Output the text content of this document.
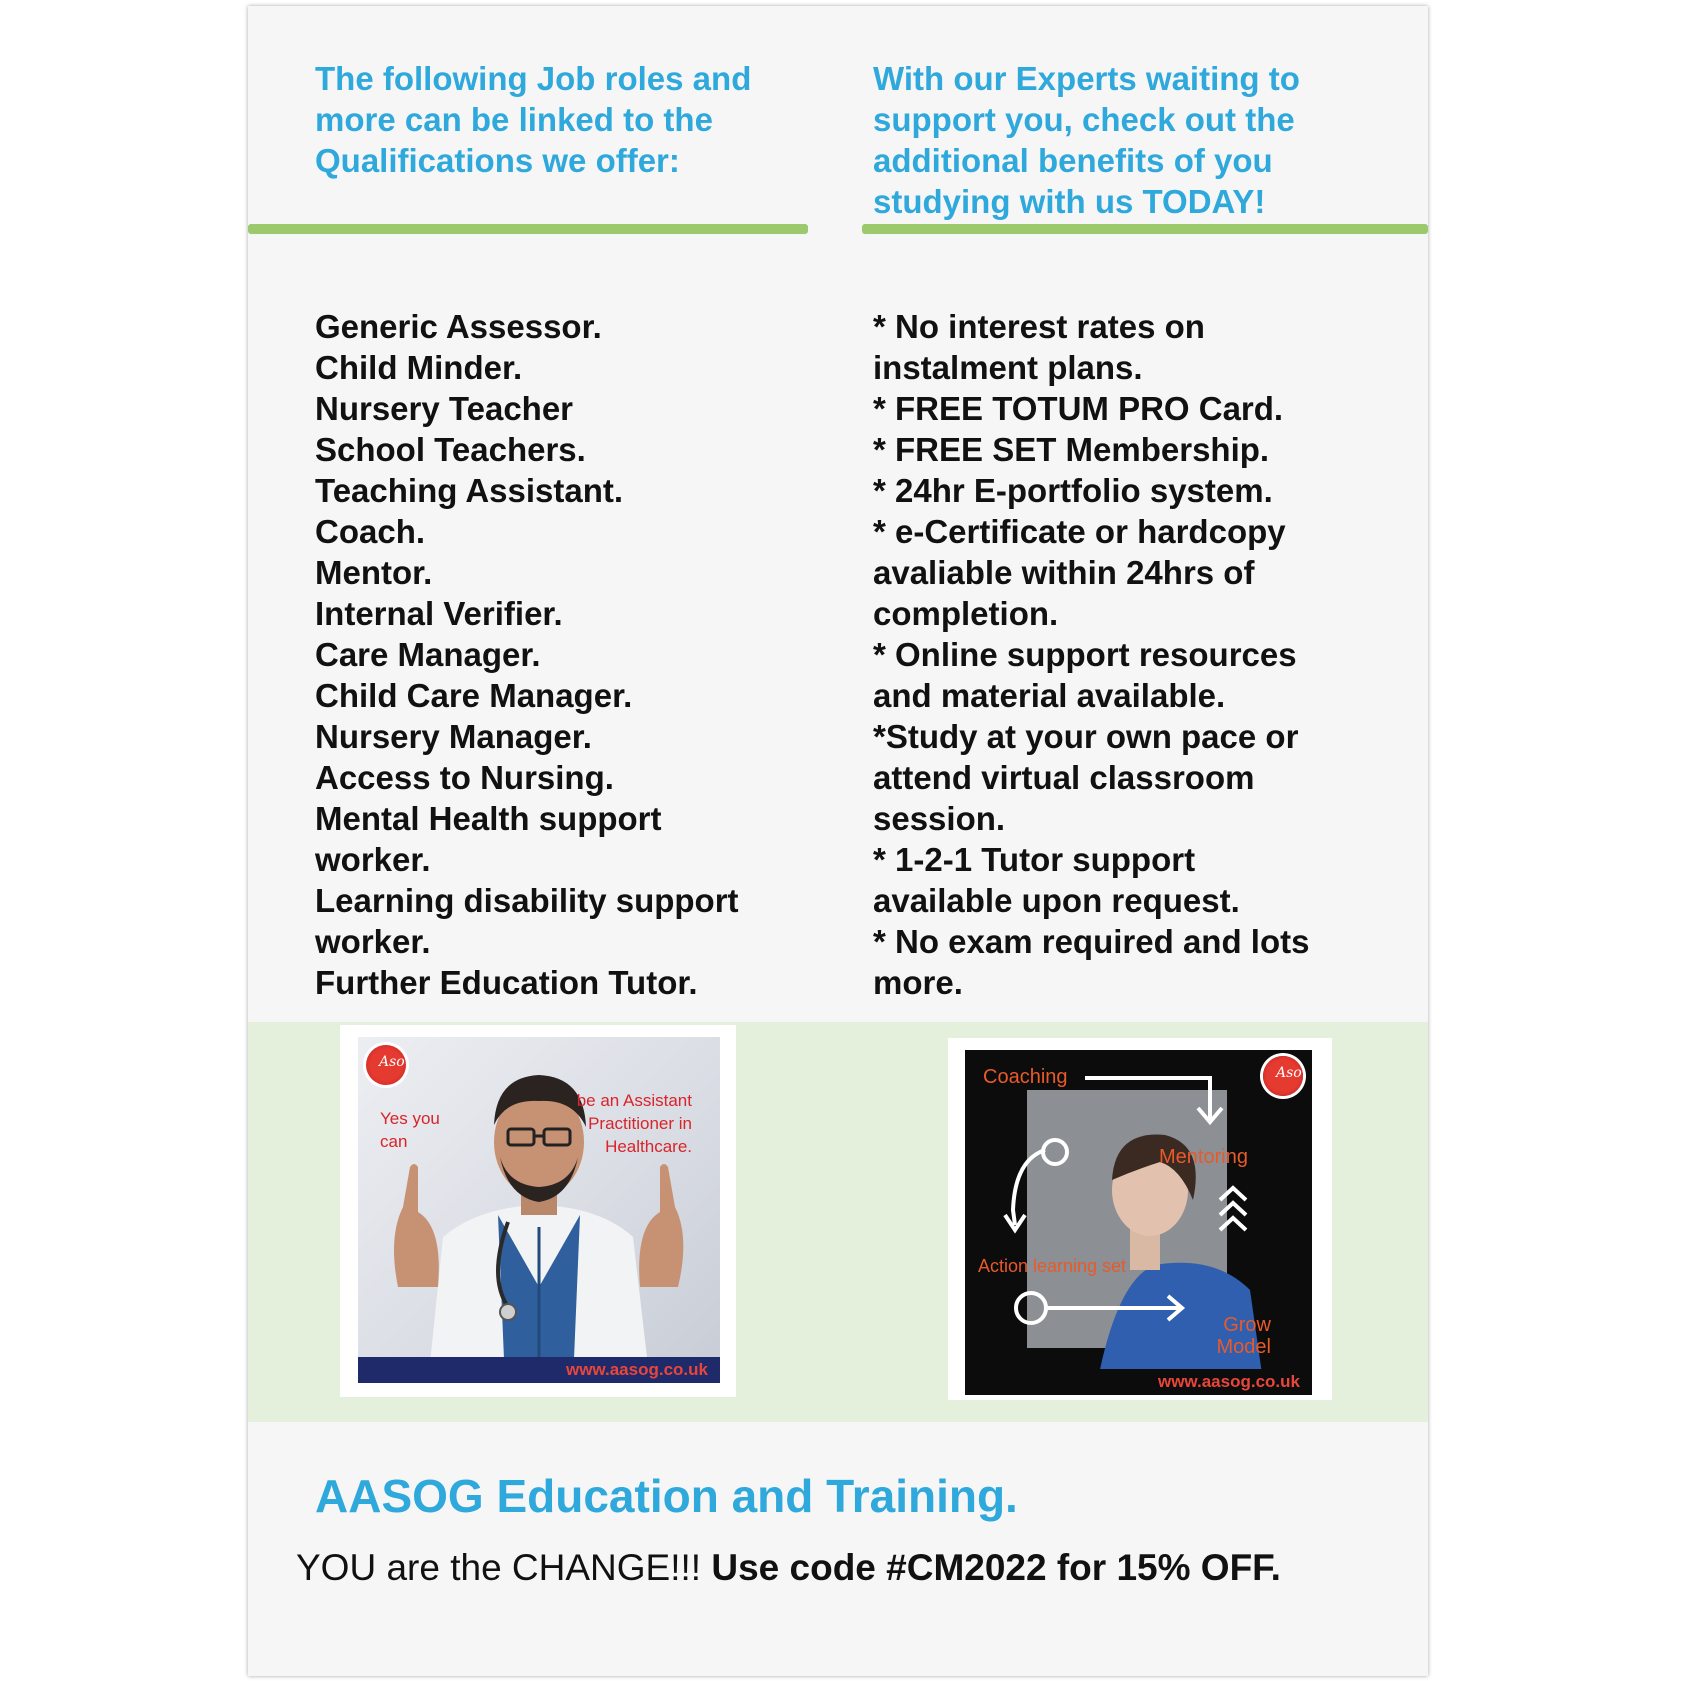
The following Job roles and more can be linked to the Qualifications we offer:
With our Experts waiting to support you, check out the additional benefits of you studying with us TODAY!
Generic Assessor.
Child Minder.
Nursery Teacher
School Teachers.
Teaching Assistant.
Coach.
Mentor.
Internal Verifier.
Care Manager.
Child Care Manager.
Nursery Manager.
Access to Nursing.
Mental Health support worker.
Learning disability support worker.
Further Education Tutor.
* No interest rates on instalment plans.
* FREE TOTUM PRO Card.
* FREE SET Membership.
* 24hr E-portfolio system.
* e-Certificate or hardcopy avaliable within 24hrs of completion.
* Online support resources and material available.
*Study at your own pace or attend virtual classroom session.
* 1-2-1 Tutor support available upon request.
* No exam required and lots more.
Aso
Yes you can
be an Assistant Practitioner in Healthcare.
www.aasog.co.uk
Aso
Coaching
Mentoring
Action learning set
Grow Model
www.aasog.co.uk
AASOG Education and Training.

YOU are the CHANGE!!! Use code #CM2022 for 15% OFF.
